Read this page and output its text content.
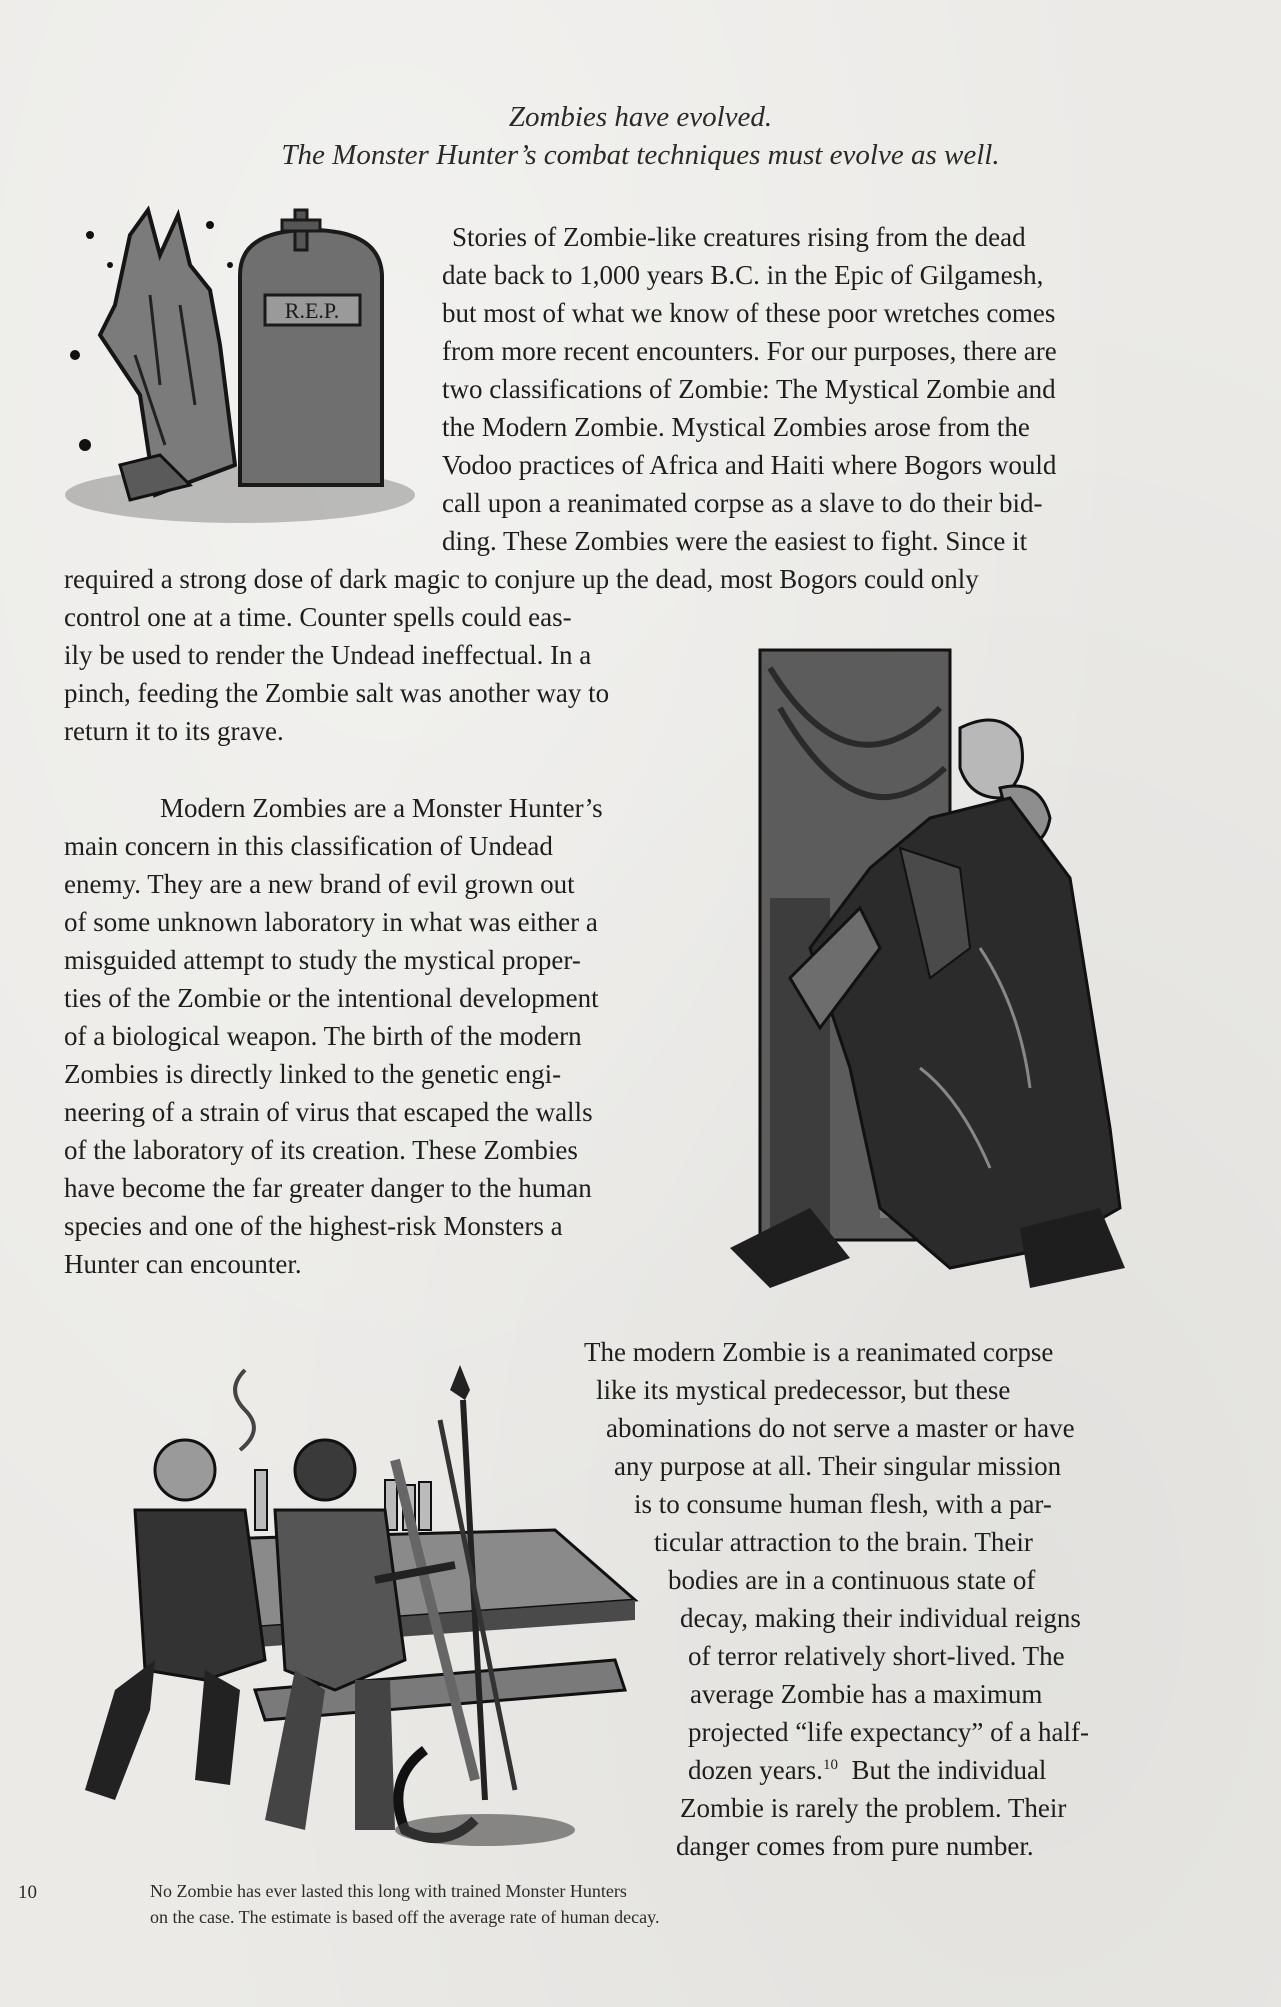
Zombies have evolved.
The Monster Hunter’s combat techniques must evolve as well.
R.E.P.
Stories of Zombie-like creatures rising from the dead
date back to 1,000 years B.C. in the Epic of Gilgamesh,
but most of what we know of these poor wretches comes
from more recent encounters. For our purposes, there are
two classifications of Zombie: The Mystical Zombie and
the Modern Zombie. Mystical Zombies arose from the
Vodoo practices of Africa and Haiti where Bogors would
call upon a reanimated corpse as a slave to do their bid-
ding. These Zombies were the easiest to fight. Since it
required a strong dose of dark magic to conjure up the dead, most Bogors could only
control one at a time. Counter spells could eas-
ily be used to render the Undead ineffectual. In a
pinch, feeding the Zombie salt was another way to
return it to its grave.
Modern Zombies are a Monster Hunter’s
main concern in this classification of Undead
enemy. They are a new brand of evil grown out
of some unknown laboratory in what was either a
misguided attempt to study the mystical proper-
ties of the Zombie or the intentional development
of a biological weapon. The birth of the modern
Zombies is directly linked to the genetic engi-
neering of a strain of virus that escaped the walls
of the laboratory of its creation. These Zombies
have become the far greater danger to the human
species and one of the highest-risk Monsters a
Hunter can encounter.
The modern Zombie is a reanimated corpse
like its mystical predecessor, but these
abominations do not serve a master or have
any purpose at all. Their singular mission
is to consume human flesh, with a par-
ticular attraction to the brain. Their
bodies are in a continuous state of
decay, making their individual reigns
of terror relatively short-lived. The
average Zombie has a maximum
projected “life expectancy” of a half-
dozen years.$^{10}$ But the individual
Zombie is rarely the problem. Their
danger comes from pure number.
10	No Zombie has ever lasted this long with trained Monster Hunters
on the case. The estimate is based off the average rate of human decay.
